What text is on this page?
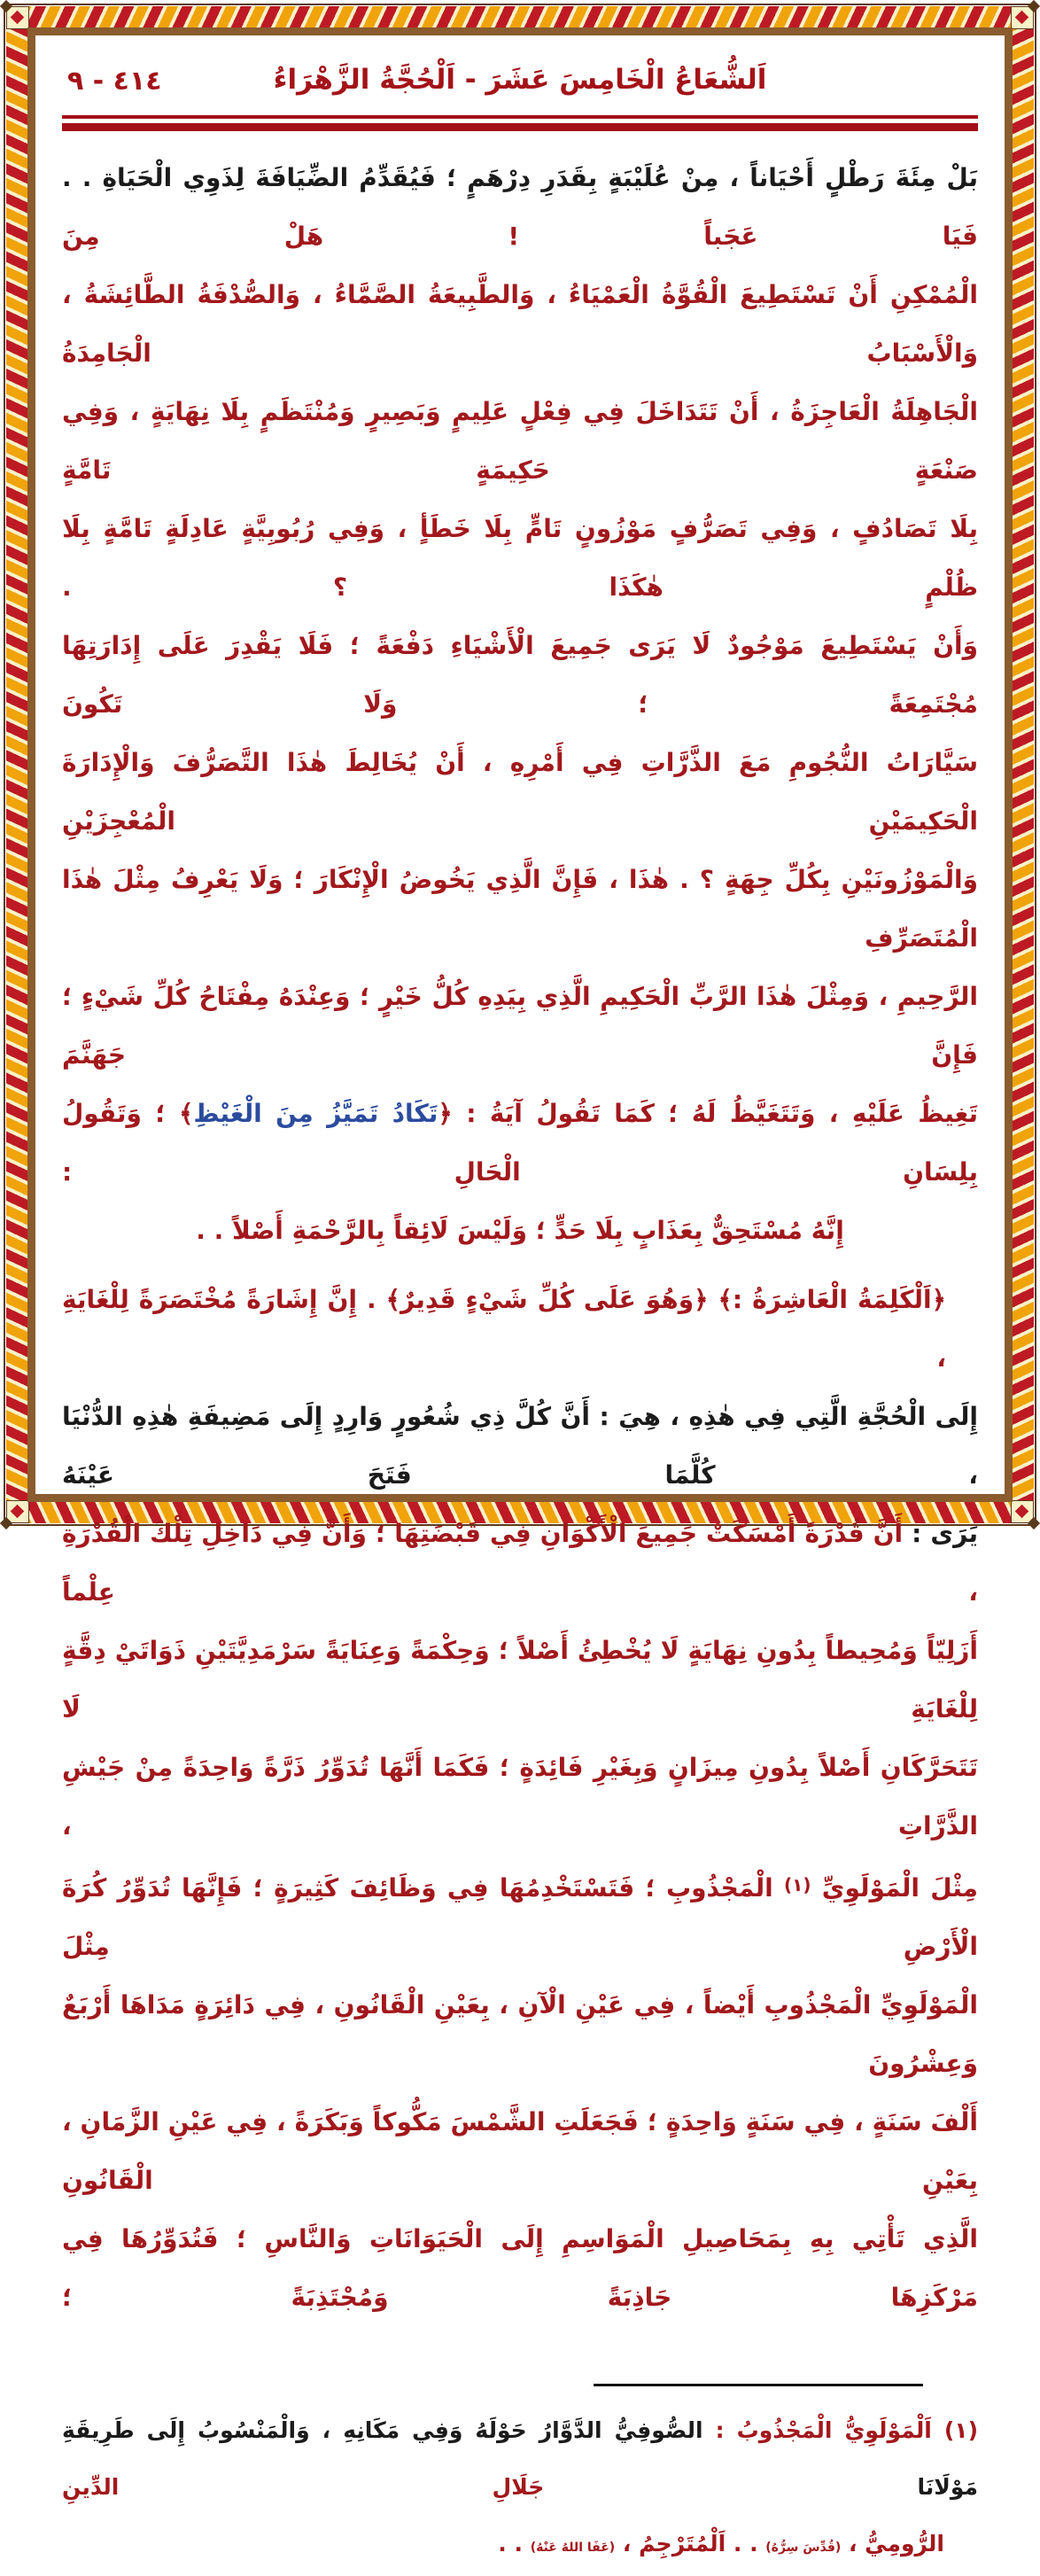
٤١٤ - ٩	اَلشُّعَاعُ الْخَامِسَ عَشَرَ - اَلْحُجَّةُ الزَّهْرَاءُ
بَلْ مِئَةَ رَطْلٍ أَحْيَاناً ، مِنْ عُلَيْبَةٍ بِقَدَرِ دِرْهَمٍ ؛ فَيُقَدِّمُ الضِّيَافَةَ لِذَوِي الْحَيَاةِ . . فَيَا عَجَباً ! هَلْ مِنَ
الْمُمْكِنِ أَنْ تَسْتَطِيعَ الْقُوَّةُ الْعَمْيَاءُ ، وَالطَّبِيعَةُ الصَّمَّاءُ ، وَالصُّدْفَةُ الطَّائِشَةُ ، وَالْأَسْبَابُ الْجَامِدَةُ
الْجَاهِلَةُ الْعَاجِزَةُ ، أَنْ تَتَدَاخَلَ فِي فِعْلٍ عَلِيمٍ وَبَصِيرٍ وَمُنْتَظَمٍ بِلَا نِهَايَةٍ ، وَفِي صَنْعَةٍ حَكِيمَةٍ تَامَّةٍ
بِلَا تَصَادُفٍ ، وَفِي تَصَرُّفٍ مَوْزُونٍ تَامٍّ بِلَا خَطَأٍ ، وَفِي رُبُوبِيَّةٍ عَادِلَةٍ تَامَّةٍ بِلَا ظُلْمٍ هٰكَذَا ؟ .
وَأَنْ يَسْتَطِيعَ مَوْجُودٌ لَا يَرَى جَمِيعَ الْأَشْيَاءِ دَفْعَةً ؛ فَلَا يَقْدِرَ عَلَى إِدَارَتِهَا مُجْتَمِعَةً ؛ وَلَا تَكُونَ
سَيَّارَاتُ النُّجُومِ مَعَ الذَّرَّاتِ فِي أَمْرِهِ ، أَنْ يُخَالِطَ هٰذَا التَّصَرُّفَ وَالْإِدَارَةَ الْحَكِيمَيْنِ الْمُعْجِزَيْنِ
وَالْمَوْزُونَيْنِ بِكُلِّ جِهَةٍ ؟ . هٰذَا ، فَإِنَّ الَّذِي يَخُوضُ الْإِنْكَارَ ؛ وَلَا يَعْرِفُ مِثْلَ هٰذَا الْمُتَصَرِّفِ
الرَّحِيمِ ، وَمِثْلَ هٰذَا الرَّبِّ الْحَكِيمِ الَّذِي بِيَدِهِ كُلُّ خَيْرٍ ؛ وَعِنْدَهُ مِفْتَاحُ كُلِّ شَيْءٍ ؛ فَإِنَّ جَهَنَّمَ
تَغِيظُ عَلَيْهِ ، وَتَتَغَيَّظُ لَهُ ؛ كَمَا تَقُولُ آيَةُ : ﴿تَكَادُ تَمَيَّزُ مِنَ الْغَيْظِ﴾ ؛ وَتَقُولُ بِلِسَانِ الْحَالِ :
إِنَّهُ مُسْتَحِقٌّ بِعَذَابٍ بِلَا حَدٍّ ؛ وَلَيْسَ لَائِقاً بِالرَّحْمَةِ أَصْلاً . .
﴿اَلْكَلِمَةُ الْعَاشِرَةُ :﴾ ﴿وَهُوَ عَلَى كُلِّ شَيْءٍ قَدِيرٌ﴾ . إِنَّ إِشَارَةً مُخْتَصَرَةً لِلْغَايَةِ ،
إِلَى الْحُجَّةِ الَّتِي فِي هٰذِهِ ، هِيَ : أَنَّ كُلَّ ذِي شُعُورٍ وَارِدٍ إِلَى مَضِيفَةِ هٰذِهِ الدُّنْيَا ، كُلَّمَا فَتَحَ عَيْنَهُ
يَرَى : أَنَّ قُدْرَةً أَمْسَكَتْ جَمِيعَ الْأَكْوَانِ فِي قَبْضَتِهَا ؛ وَأَنَّ فِي دَاخِلِ تِلْكَ الْقُدْرَةِ ، عِلْماً
أَزَلِيّاً وَمُحِيطاً بِدُونِ نِهَايَةٍ لَا يُخْطِئُ أَصْلاً ؛ وَحِكْمَةً وَعِنَايَةً سَرْمَدِيَّتَيْنِ ذَوَاتَيْ دِقَّةٍ لِلْغَايَةِ لَا
تَتَحَرَّكَانِ أَصْلاً بِدُونِ مِيزَانٍ وَبِغَيْرِ فَائِدَةٍ ؛ فَكَمَا أَنَّهَا تُدَوِّرُ ذَرَّةً وَاحِدَةً مِنْ جَيْشِ الذَّرَّاتِ ،
مِثْلَ الْمَوْلَوِيِّ $^{(١)}$ الْمَجْذُوبِ ؛ فَتَسْتَخْدِمُهَا فِي وَظَائِفَ كَثِيرَةٍ ؛ فَإِنَّهَا تُدَوِّرُ كُرَةَ الْأَرْضِ مِثْلَ
الْمَوْلَوِيِّ الْمَجْذُوبِ أَيْضاً ، فِي عَيْنِ الْآنِ ، بِعَيْنِ الْقَانُونِ ، فِي دَائِرَةٍ مَدَاهَا أَرْبَعٌ وَعِشْرُونَ
أَلْفَ سَنَةٍ ، فِي سَنَةٍ وَاحِدَةٍ ؛ فَجَعَلَتِ الشَّمْسَ مَكُّوكاً وَبَكَرَةً ، فِي عَيْنِ الزَّمَانِ ، بِعَيْنِ الْقَانُونِ
الَّذِي تَأْتِي بِهِ بِمَحَاصِيلِ الْمَوَاسِمِ إِلَى الْحَيَوَانَاتِ وَالنَّاسِ ؛ فَتُدَوِّرُهَا فِي مَرْكَزِهَا جَاذِبَةً وَمُجْتَذِبَةً ؛
(١) اَلْمَوْلَوِيُّ الْمَجْذُوبُ : الصُّوفِيُّ الدَّوَّارُ حَوْلَهُ وَفِي مَكَانِهِ ، وَالْمَنْسُوبُ إِلَى طَرِيقَةِ مَوْلَانَا جَلَالِ الدِّينِ
الرُّومِيُّ ، (قُدِّسَ سِرُّهُ) . . اَلْمُتَرْجِمُ ، (عَفَا اللهُ عَنْهُ) . .
